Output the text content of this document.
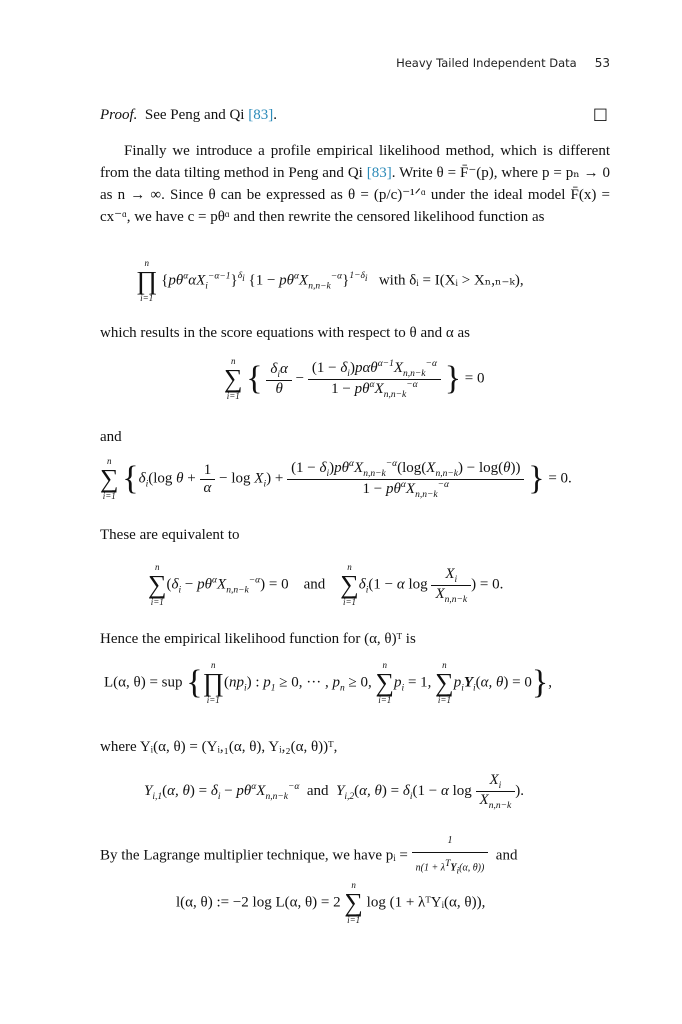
Heavy Tailed Independent Data 53

Proof. See Peng and Qi [83].	□

Finally we introduce a profile empirical likelihood method, which is different from the data tilting method in Peng and Qi [83]. Write θ = F̄⁻(p), where p = pₙ → 0 as n → ∞. Since θ can be expressed as θ = (p/c)⁻¹ᐟᵅ under the ideal model F̄(x) = cx⁻ᵅ, we have c = pθᵅ and then rewrite the censored likelihood function as

n
∏
i=1
$\{p\theta^\alpha\alpha X_i^{-\alpha-1}\}^{\delta_i}$ $\{1 - p\theta^\alpha X_{n,n-k}^{-\alpha}\}^{1-\delta_i}$ with δᵢ = I(Xᵢ > Xₙ,ₙ₋ₖ),

which results in the score equations with respect to θ and α as

n
∑
i=1 { $\frac{\delta_i\alpha}{\theta} - \frac{(1 - \delta_i)p\alpha\theta^{\alpha-1}X_{n,n-k}^{-\alpha}}{1 - p\theta^\alpha X_{n,n-k}^{-\alpha}}$ } = 0

and

n
∑
i=1 {$\delta_i(\log$ $\theta + \frac{1}{\alpha} - \log X_i) + \frac{(1 - \delta_i)p\theta^\alpha X_{n,n-k}^{-\alpha}(\log(X_{n,n-k}) - \log(\theta))}{1 - p\theta^\alpha X_{n,n-k}^{-\alpha}}$ } = 0.

These are equivalent to

n
∑
i=1
$(\delta_i - p\theta^\alpha X_{n,n-k}^{-\alpha}) = 0$ and
n
∑
i=1
$\delta_i(1 - \alpha$ $\log \frac{X_i}{X_{n,n-k}}$ ) = 0.

Hence the empirical likelihood function for (α, θ)ᵀ is

L(α, θ) = sup { n
∏
i=1
$(np_i)$ : $p_1 \ge 0$, ··· , $p_n \ge 0$,
n
∑
i=1
$p_i = 1$,
n
∑
i=1
$p_iY_i(\alpha$, θ) = 0},

where Yᵢ(α, θ) = (Yᵢ,₁(α, θ), Yᵢ,₂(α, θ))ᵀ,

$Y_{i,1}(\alpha$, $\theta) = \delta_i - p\theta^\alpha X_{n,n-k}^{-\alpha}$ and  $Y_{i,2}(\alpha$, $\theta) = \delta_i(1 - \alpha$ $\log \frac{X_i}{X_{n,n-k}}$ ).

By the Lagrange multiplier technique, we have pᵢ = $\frac{1}{n(1 + \lambda^TY_i(\alpha, \theta))}$ and

l(α, θ) := −2 log L(α, θ) = 2
n
∑
i=1
log (1 + λᵀYᵢ(α, θ)),
